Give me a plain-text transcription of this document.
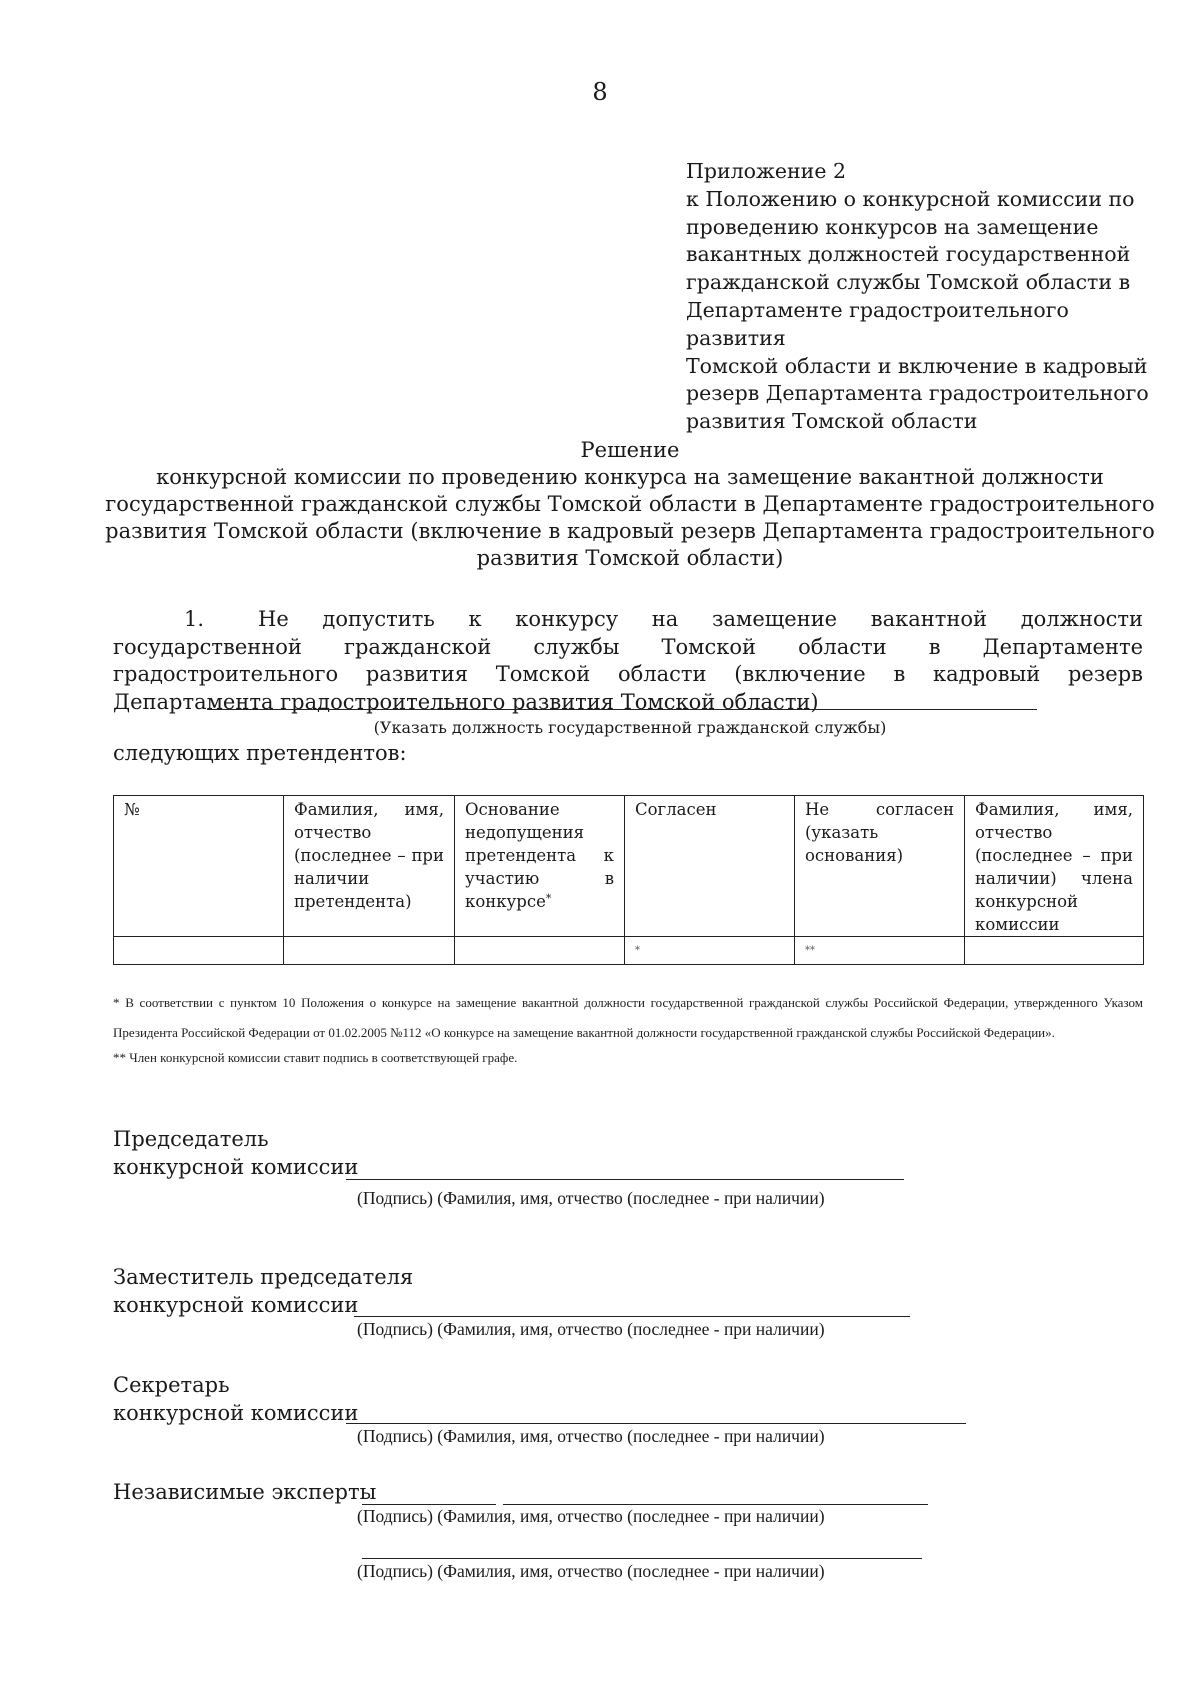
8
Приложение 2
к Положению о конкурсной комиссии по
проведению конкурсов на замещение
вакантных должностей государственной
гражданской службы Томской области в
Департаменте градостроительного развития
Томской области и включение в кадровый
резерв Департамента градостроительного
развития Томской области
Решение
конкурсной комиссии по проведению конкурса на замещение вакантной должности
государственной гражданской службы Томской области в Департаменте градостроительного
развития Томской области (включение в кадровый резерв Департамента градостроительного
развития Томской области)
1.	Не допустить к конкурсу на замещение вакантной должности государственной гражданской службы Томской области в Департаменте градостроительного развития Томской области (включение в кадровый резерв Департамента градостроительного развития Томской области)
(Указать должность государственной гражданской службы)
следующих претендентов:
№	Фамилия, имя, отчество (последнее – при наличии претендента)	Основание недопущения претендента к участию в конкурсе*	Согласен	Не согласен (указать основания)	Фамилия, имя, отчество (последнее – при наличии) члена конкурсной комиссии
			*	**	

* В соответствии с пунктом 10 Положения о конкурсе на замещение вакантной должности государственной гражданской службы Российской Федерации, утвержденного Указом Президента Российской Федерации от 01.02.2005 №112 «О конкурсе на замещение вакантной должности государственной гражданской службы Российской Федерации».

** Член конкурсной комиссии ставит подпись в соответствующей графе.

Председатель
конкурсной комиссии
(Подпись) (Фамилия, имя, отчество (последнее - при наличии)
Заместитель председателя
конкурсной комиссии
(Подпись) (Фамилия, имя, отчество (последнее - при наличии)
Секретарь
конкурсной комиссии
(Подпись) (Фамилия, имя, отчество (последнее - при наличии)
Независимые эксперты
(Подпись) (Фамилия, имя, отчество (последнее - при наличии)
(Подпись) (Фамилия, имя, отчество (последнее - при наличии)
